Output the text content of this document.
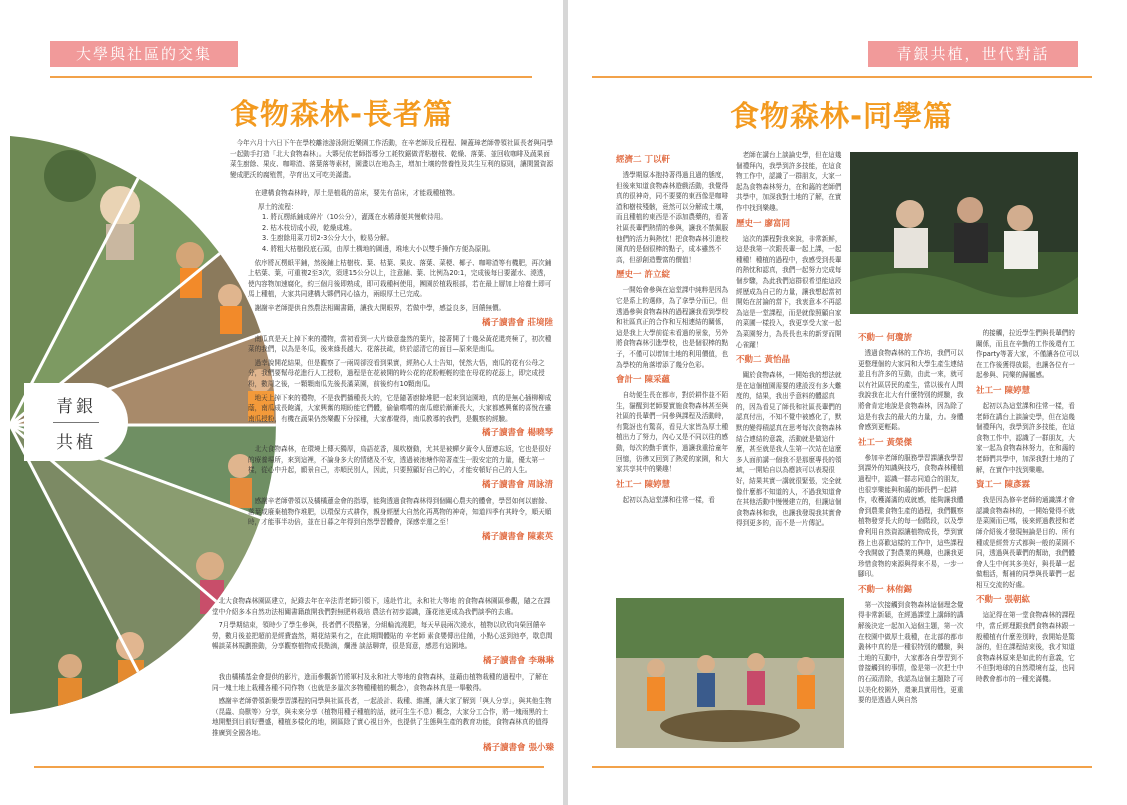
大學與社區的交集
食物森林-長者篇
青銀
共植

今年六月十六日下午在學校離池游泳附近樂園工作活動，在辛老師及丘程程、陳蓋璋老師帶領社區長者與同學一起動手打造「北大食物森林」。大夥兒依老師指導分工耗牧鋸做青粘樹枝、乾燥、落葉、並回收咖啡及蔬果面菜生廚餘、果皮、咖啡渣、落葉落等素材，園畫以在地為主，增加土壤的營養性及共生互利的原則，讓閑置資源變成肥沃的腐殖質，孕育出又可吃美滿畫。

在建構食物森林時，厚土是植栽的苗床，要先有苗床，才能栽種植物。

厚土的流程：
1. 將瓦楞紙鋪成碎片（10公分），灌溉在水稀薄便其慢軟待用。
2. 枯木枝切成小段，乾燥成堆。
3. 生廚餘用菜刀切2-3公分大小，較易分解。
4. 將粗大枯樹段底石頭，由厚土構地的圖邊，堆地大小以雙手操作方便為原則。

依序將瓦楞紙平鋪，然後鋪上枯樹枝、葉、枯葉、果皮、落葉、菜梗、椰子、咖啡渣等有機肥，再次鋪上枯葉、葉，可重複2至3次，須達15公分以上，注意鋪、葉、比例為20:1，完成後每日要灌水、澆透，使內容物加速腐化，約三個月後即熟成，即可栽種柯使用，團園於植栽根部，若在最上層加上培養土即可馬上種植，大家共同建構大夥們同心協力，兩眼厚土已完成。

謝謝辛老師提供自然農法相關書籍，讓我大開眼界，若做中學，感益良多，回饋無價。

橘子讀書會 莊境陸

南瓜真是天上掉下來的禮物，當初看到一大片綠意盎然的葉片，接著開了十幾朵黃花還亮極了，初次種菜的我們，以為是冬瓜，後來綠長越大、花落扶疏，終於認清它的面目—原來是南瓜。

過幸說開花結果，但是觀察了一兩周卻沒看到果實，經熱心人士告知，恍然大悟，南瓜的花有公母之分，我們要幫母花進行人工授粉，過程是在花被開的時公花的花粉輕輕的塗在母花的花蕊上，即完成授粉，數周之後，一顆顆南瓜先後長滿菜園，前後約有10顆南瓜。

地天上掉下來的禮物，不是我們播種長大的，它是隨著廚餘堆肥一起來到這園地，真的是無心插柳柳成蔭，南瓜成長飽滿，大家興奮的期盼能它們體，偷偷嚐嚐的南瓜總於漸漸長大，大家都感興奮的喜悅在雖南瓜授粉，有機在蔬果仍然樂觀下分採種，大家都覺得，南瓜教導的我們，是觀察的經驗。

橘子讀書會 楊曉琴

北大食物森林，在環境上傳天獨厚，鳥語花香，風吹樹動，尤其是被蟬夕黃令人留連忘返，它也是很好的療養場所，來到這裡，不論身多大的情緒及不安，透過被池塘作陪著產生一股安定的力量，優太第一樣，從心中升起，願景自己，亦順民別人，因此，只要照顧好自己的心，才能安頓好自己的人生。

橘子讀書會 周詠清

感謝辛老師帶領以及橘橘蓮金會的指導，能夠透過食物森林得到個關心農夫的體會，學習如何以廚餘、落葉或廢棄植物作堆肥，以環保方式耕作，親身經歷大自然化再萬物的神奇，知道四季有其時令，順天順時，才能事半功倍，並在日暮之年得到自然學習體會，深感幸運之至！

橘子讀書會 陳素英

北大食物森林園區建立，紀錄去年在辛法青老師引領下，遠赴竹北，永和社大等地 的食物森林園區參觀，隨之在課堂中介紹多本自然功法相關書籍啟開我們對無肥料栽培 農法有初步認識，蓬花池更成為我們談季的去處。

7月學期結束，領時少了學生參與，長者們不畏酷暑，分組輪流澆肥，每天早晨兩次澆水，植物以欣欣向榮回饋辛勞，數月後並把超前是經費盎然，期花結果有之，在此期間體貼的 辛老師 素食嬰傳出佳餚，小點心送到池亭，歇息間暢談菜林規劃推動，分享觀察植物成長點滴，爛漫 談話聊齊，很是寫意，感恩有這園地。

橘子讀書會 李琳琳

我由橘橘基金會提供的影片，進而參觀新竹將軍村及永和社大等地的食物森林，並藉由植物栽種的過程中，了解在同一塊土地上栽種各種不同作物（也就是多量次多物種種植的概念），食物森林真是一舉數得。

感謝辛老師帶領新聚學習課程的同學與社區長者，一起設計、栽種、維護，讓大家了解到「與人分享」，與其他生物（昆蟲、鳥獸等）分享，與未來分享（植物用種子種植的話，就可生生不息）概念，大家分工合作，將一塊雨黑的土地開墾到目前好豐盛，種植多樣化的地，園區除了實心視目外，也提供了生態與生產的教育功能，食物森林真的值得推廣到全國各地。

橘子讀書會 張小臻
青銀共植，世代對話
食物森林-同學篇
經濟二 丁以軒

透學期原本抱持著得過且過的態度，但後來知道食物森林遊戲活動，我覺得真的很神奇，同不要要的東西像是咖啡渣和樹枝殘骸，竟然可以分解成土壤，而且種植的東西是不添加農藥的，看著社區長輩們熱情的參與，讓我不禁佩服他們的活力與熱忱！把食物森林引進校園真的是個很棒的點子，成本雖然不高，但卻創造豐富的價值！

歷史一 許立綻

一開始會參與在這堂課中純粹是因為它是系上的選修，為了拿學分而已，但透過參與食物森林的過程讓我看到學校和社區真正的合作和互相連結的關係，這是我上大學前從未看過的景象，另外將食物森林引進學校，也是個很棒的點子，不僅可以增加土地的利用價值，也為學校的角落增添了幾分色彩。

會計一 陳采蘊

自幼便生長在都市，對於耕作並不陌生，貓醒到老師要實施食物森林甚至與社區的長輩們一同參與課程及活動時，有驚訝也有驚喜，看見大家皆為厚土種植出力了努力，內心又是不同以往的感動，每次的勤手實作，過讓我重拾童年回憶，彷彿又回到了熱愛的家園，和大家共享其中的樂趣！

社工一 陳婷慧

起初以為這堂課和往常一樣，看

老師在講台上談論史學，但在這幾個禮拜內，我學到許多技能，在這食物工作中，認識了一群朋友，大家一起為食物森林努力，在和藹的老師們共學中，加深我對土地的了解，在實作中找到樂趣。

歷史一 廖富同

這次的課程對我來說，非常新鮮，這是我第一次跟長輩一起上課，一起種種！種植的過程中，我感受到長輩的熱忱和認真，我們一起努力完成每個步驟，為此我們這群很希望能這段經歷成為自己的力量，讓我想起當初開始在討論的當下，我衷意本不再認為這是一堂課程，而是就像照顧自家的菜圃一樣投入，我更享受大家一起為菜園努力，為長長也未的新芽而開心雀躍！

不動二 黃怡晶

關於食物森林，一開始我的想法就是在這個植園需要的建設沒有多大難度的，結果，我出乎意料的體認真的，因為看見了師長和社區長輩們的認真付出，不知不覺中被感化了，默默的變得積認真在思考每次食物森林結合連結的意義，活動就是做這什麼，甚至就是我人生第一次站在這麼多人面前講一個我不是那麼專長的領域，一開始自以為應該可以表現很好，結果其實一講就很緊張，完全就像什麼都不知道的人，不過我知道會在其他活動中慢慢建立的，但讓這個食物森林和我，也讓我發現我其實會得到更多的，而不是一片傳記。

不動一 何瓊旂

透過食物森林的工作坊，我們可以更整理個的大家同和大學生產生連結並且有許多的互動，由此一來，就可以有社區居民的產生，當以後有人問我說我在北大有什麼特別的經驗，我將會肯定地說是食物森林，因為除了這是有我去的最大的力量，力。身體會感到更輕鬆。

社工一 黃榮傑

參加辛老師的服務學習課讓我學習到課外的知識與技巧，食物森林種植過程中，認識一群志同道合的朋友，也很享樂能與和藹的師長們一起耕作，收穫滿滿的成就感，能夠讓我體會到農業食物生產的過程，我們觀察植物發芽長大的每一個階段，以及學會利用自然資源讓植物成長，學到實務上也喜歡這樣的工作中，這些課程令我開啟了對農業的興趣，也讓我更珍惜食物的來源與得來不易，一步一腳印。

不動一 林侑錫

第一次接觸到食物森林這個理念覺得非常新穎，在經過課堂上講師的講解後決定一起加入這個主題，第一次在校園中做厚土栽種，在北部的都市叢林中真的是一種很特別的體驗，與土地的互動中，大家都各自學習到不曾接觸到的事情，像是第一次把土中的石頭清除，我認為這個主題除了可以美化校園外，還兼具實用性，更重要的是透過人與自然

的接觸，拉近學生們與長輩們的關係，而且在辛勤的工作後還有工作party等著大家，不僅讓各位可以在工作後獲得放鬆，也讓各位有一起參與、同樂的歸屬感。

社工一 陳婷慧

起初以為這堂課和往常一樣，看老師在講台上談論史學，但在這幾個禮拜內，我學到許多技能，在這食物工作中，認識了一群朋友，大家一起為食物森林努力，在和藹的老師們共學中，加深我對土地的了解，在實作中找到樂趣。

資工一 陳彥霖

我是因為修辛老師的通識課才會認識食物森林的，一開始覺得不就是菜園而已嗎，後來經過教授和老師介紹後才發現無論是目的、所有種或是經營方式都與一般的菜園不同，透過與長輩們的幫助，我們體會人生中何其多美好，與長輩一起做粗活，幫補的同學與長輩們一起相互交流的好處。

不動一 張朝紘

這記得在第一堂食物森林的課程中，當丘經理跟我們食物森林跟一般種植有什麼差別時，我開始是驚訝的，但在課程結束後，我才知道食物森林原來是如此的有意義，它不但對地球的自然環境有益，也同時教會都市的一種充滿機。
